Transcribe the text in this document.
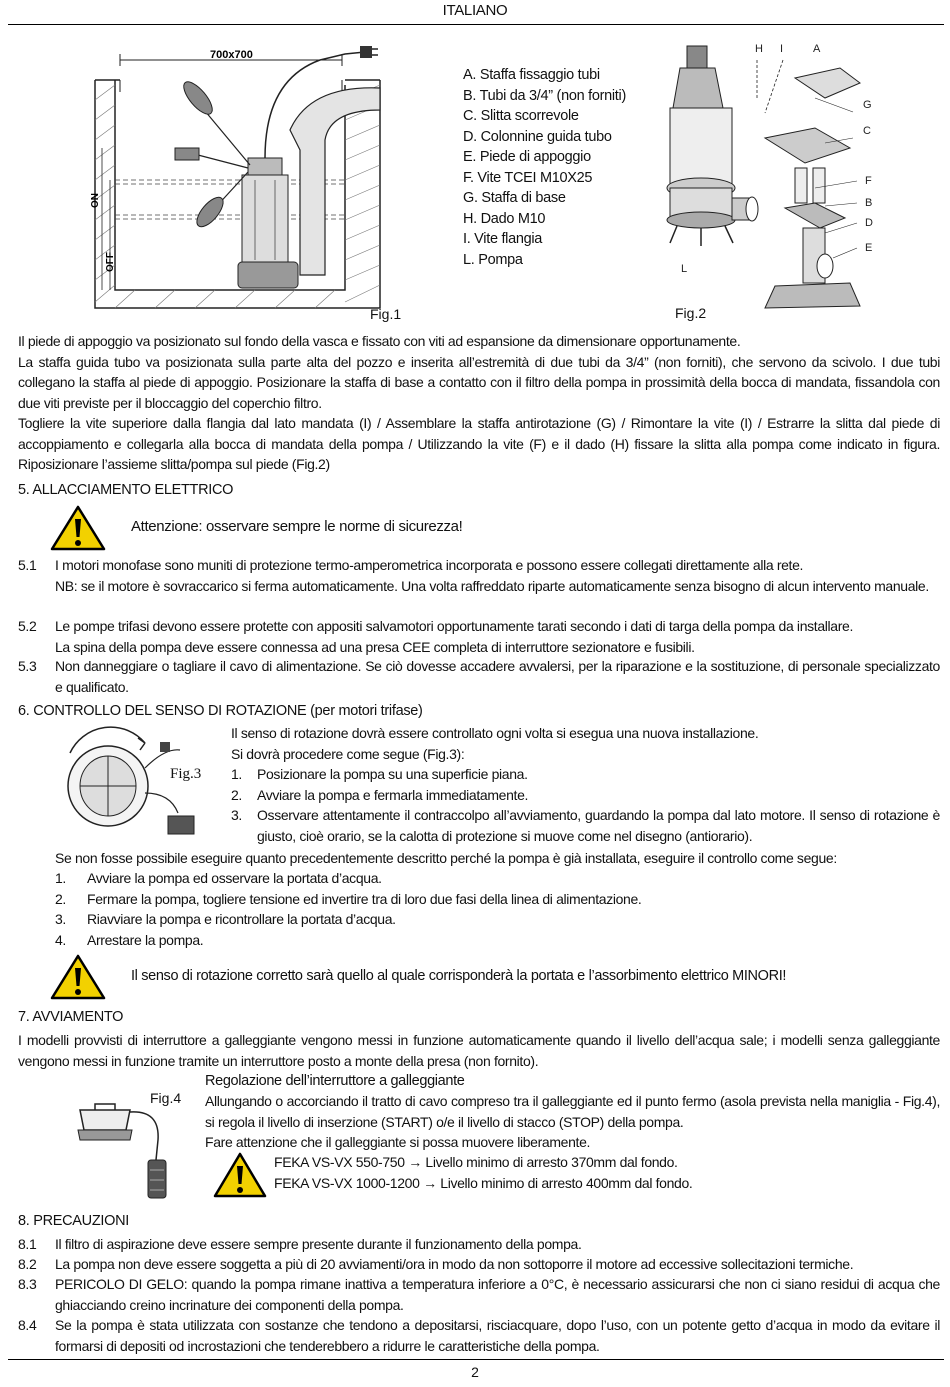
ITALIANO
700x700
ON
OFF
Fig.1
A. Staffa fissaggio tubi
B. Tubi da 3/4” (non forniti)
C. Slitta scorrevole
D. Colonnine guida tubo
E. Piede di appoggio
F. Vite TCEI M10X25
G. Staffa di base
H. Dado M10
I. Vite flangia
L. Pompa
H I	A
G
C
F
B
D
E
L
Fig.2
Il piede di appoggio va posizionato sul fondo della vasca e fissato con viti ad espansione da dimensionare opportunamente.
La staffa guida tubo va posizionata sulla parte alta del pozzo e inserita all’estremità di due tubi da 3/4” (non forniti), che servono da scivolo. I due tubi collegano la staffa al piede di appoggio. Posizionare la staffa di base a contatto con il filtro della pompa in prossimità della bocca di mandata, fissandola con due viti previste per il bloccaggio del coperchio filtro.
Togliere la vite superiore dalla flangia dal lato mandata (I) / Assemblare la staffa antirotazione (G) / Rimontare la vite (I) / Estrarre la slitta dal piede di accoppiamento e collegarla alla bocca di mandata della pompa / Utilizzando la vite (F) e il dado (H) fissare la slitta alla pompa come indicato in figura. Riposizionare l’assieme slitta/pompa sul piede (Fig.2)
5. ALLACCIAMENTO ELETTRICO
Attenzione: osservare sempre le norme di sicurezza!
5.1	I motori monofase sono muniti di protezione termo-amperometrica incorporata e possono essere collegati direttamente alla rete.
NB: se il motore è sovraccarico si ferma automaticamente. Una volta raffreddato riparte automaticamente senza bisogno di alcun intervento manuale.
5.2	Le pompe trifasi devono essere protette con appositi salvamotori opportunamente tarati secondo i dati di targa della pompa da installare.
La spina della pompa deve essere connessa ad una presa CEE completa di interruttore sezionatore e fusibili.
5.3	Non danneggiare o tagliare il cavo di alimentazione. Se ciò dovesse accadere avvalersi, per la riparazione e la sostituzione, di personale specializzato e qualificato.
6. CONTROLLO DEL SENSO DI ROTAZIONE (per motori trifase)
Fig.3
Il senso di rotazione dovrà essere controllato ogni volta si esegua una nuova installazione.
Si dovrà procedere come segue (Fig.3):
1. Posizionare la pompa su una superficie piana.
2. Avviare la pompa e fermarla immediatamente.
3. Osservare attentamente il contraccolpo all’avviamento, guardando la pompa dal lato motore. Il senso di rotazione è giusto, cioè orario, se la calotta di protezione si muove come nel disegno (antiorario).
Se non fosse possibile eseguire quanto precedentemente descritto perché la pompa è già installata, eseguire il controllo come segue:
1. Avviare la pompa ed osservare la portata d’acqua.
2. Fermare la pompa, togliere tensione ed invertire tra di loro due fasi della linea di alimentazione.
3. Riavviare la pompa e ricontrollare la portata d’acqua.
4. Arrestare la pompa.
Il senso di rotazione corretto sarà quello al quale corrisponderà la portata e l’assorbimento elettrico MINORI!
7. AVVIAMENTO
I modelli provvisti di interruttore a galleggiante vengono messi in funzione automaticamente quando il livello dell’acqua sale; i modelli senza galleggiante vengono messi in funzione tramite un interruttore posto a monte della presa (non fornito).
Fig.4
Regolazione dell’interruttore a galleggiante
Allungando o accorciando il tratto di cavo compreso tra il galleggiante ed il punto fermo (asola prevista nella maniglia - Fig.4), si regola il livello di inserzione (START) o/e il livello di stacco (STOP) della pompa.
Fare attenzione che il galleggiante si possa muovere liberamente.
FEKA VS-VX 550-750 → Livello minimo di arresto 370mm dal fondo.
FEKA VS-VX 1000-1200 → Livello minimo di arresto 400mm dal fondo.
8. PRECAUZIONI
8.1	Il filtro di aspirazione deve essere sempre presente durante il funzionamento della pompa.
8.2	La pompa non deve essere soggetta a più di 20 avviamenti/ora in modo da non sottoporre il motore ad eccessive sollecitazioni termiche.
8.3	PERICOLO DI GELO: quando la pompa rimane inattiva a temperatura inferiore a 0°C, è necessario assicurarsi che non ci siano residui di acqua che ghiacciando creino incrinature dei componenti della pompa.
8.4	Se la pompa è stata utilizzata con sostanze che tendono a depositarsi, risciacquare, dopo l’uso, con un potente getto d’acqua in modo da evitare il formarsi di depositi od incrostazioni che tenderebbero a ridurre le caratteristiche della pompa.
2
